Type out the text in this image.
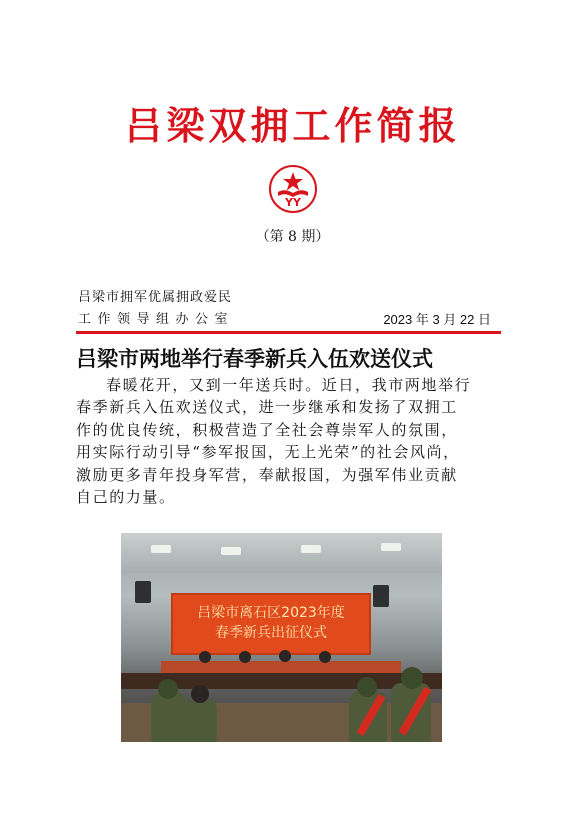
吕梁双拥工作简报
YY
（第 8 期）
吕梁市拥军优属拥政爱民
工作领导组办公室	2023 年 3 月 22 日
吕梁市两地举行春季新兵入伍欢送仪式
春暖花开，又到一年送兵时。近日，我市两地举行
春季新兵入伍欢送仪式，进一步继承和发扬了双拥工
作的优良传统，积极营造了全社会尊崇军人的氛围，
用实际行动引导“参军报国，无上光荣”的社会风尚，
激励更多青年投身军营，奉献报国，为强军伟业贡献
自己的力量。
吕梁市离石区2023年度
春季新兵出征仪式
